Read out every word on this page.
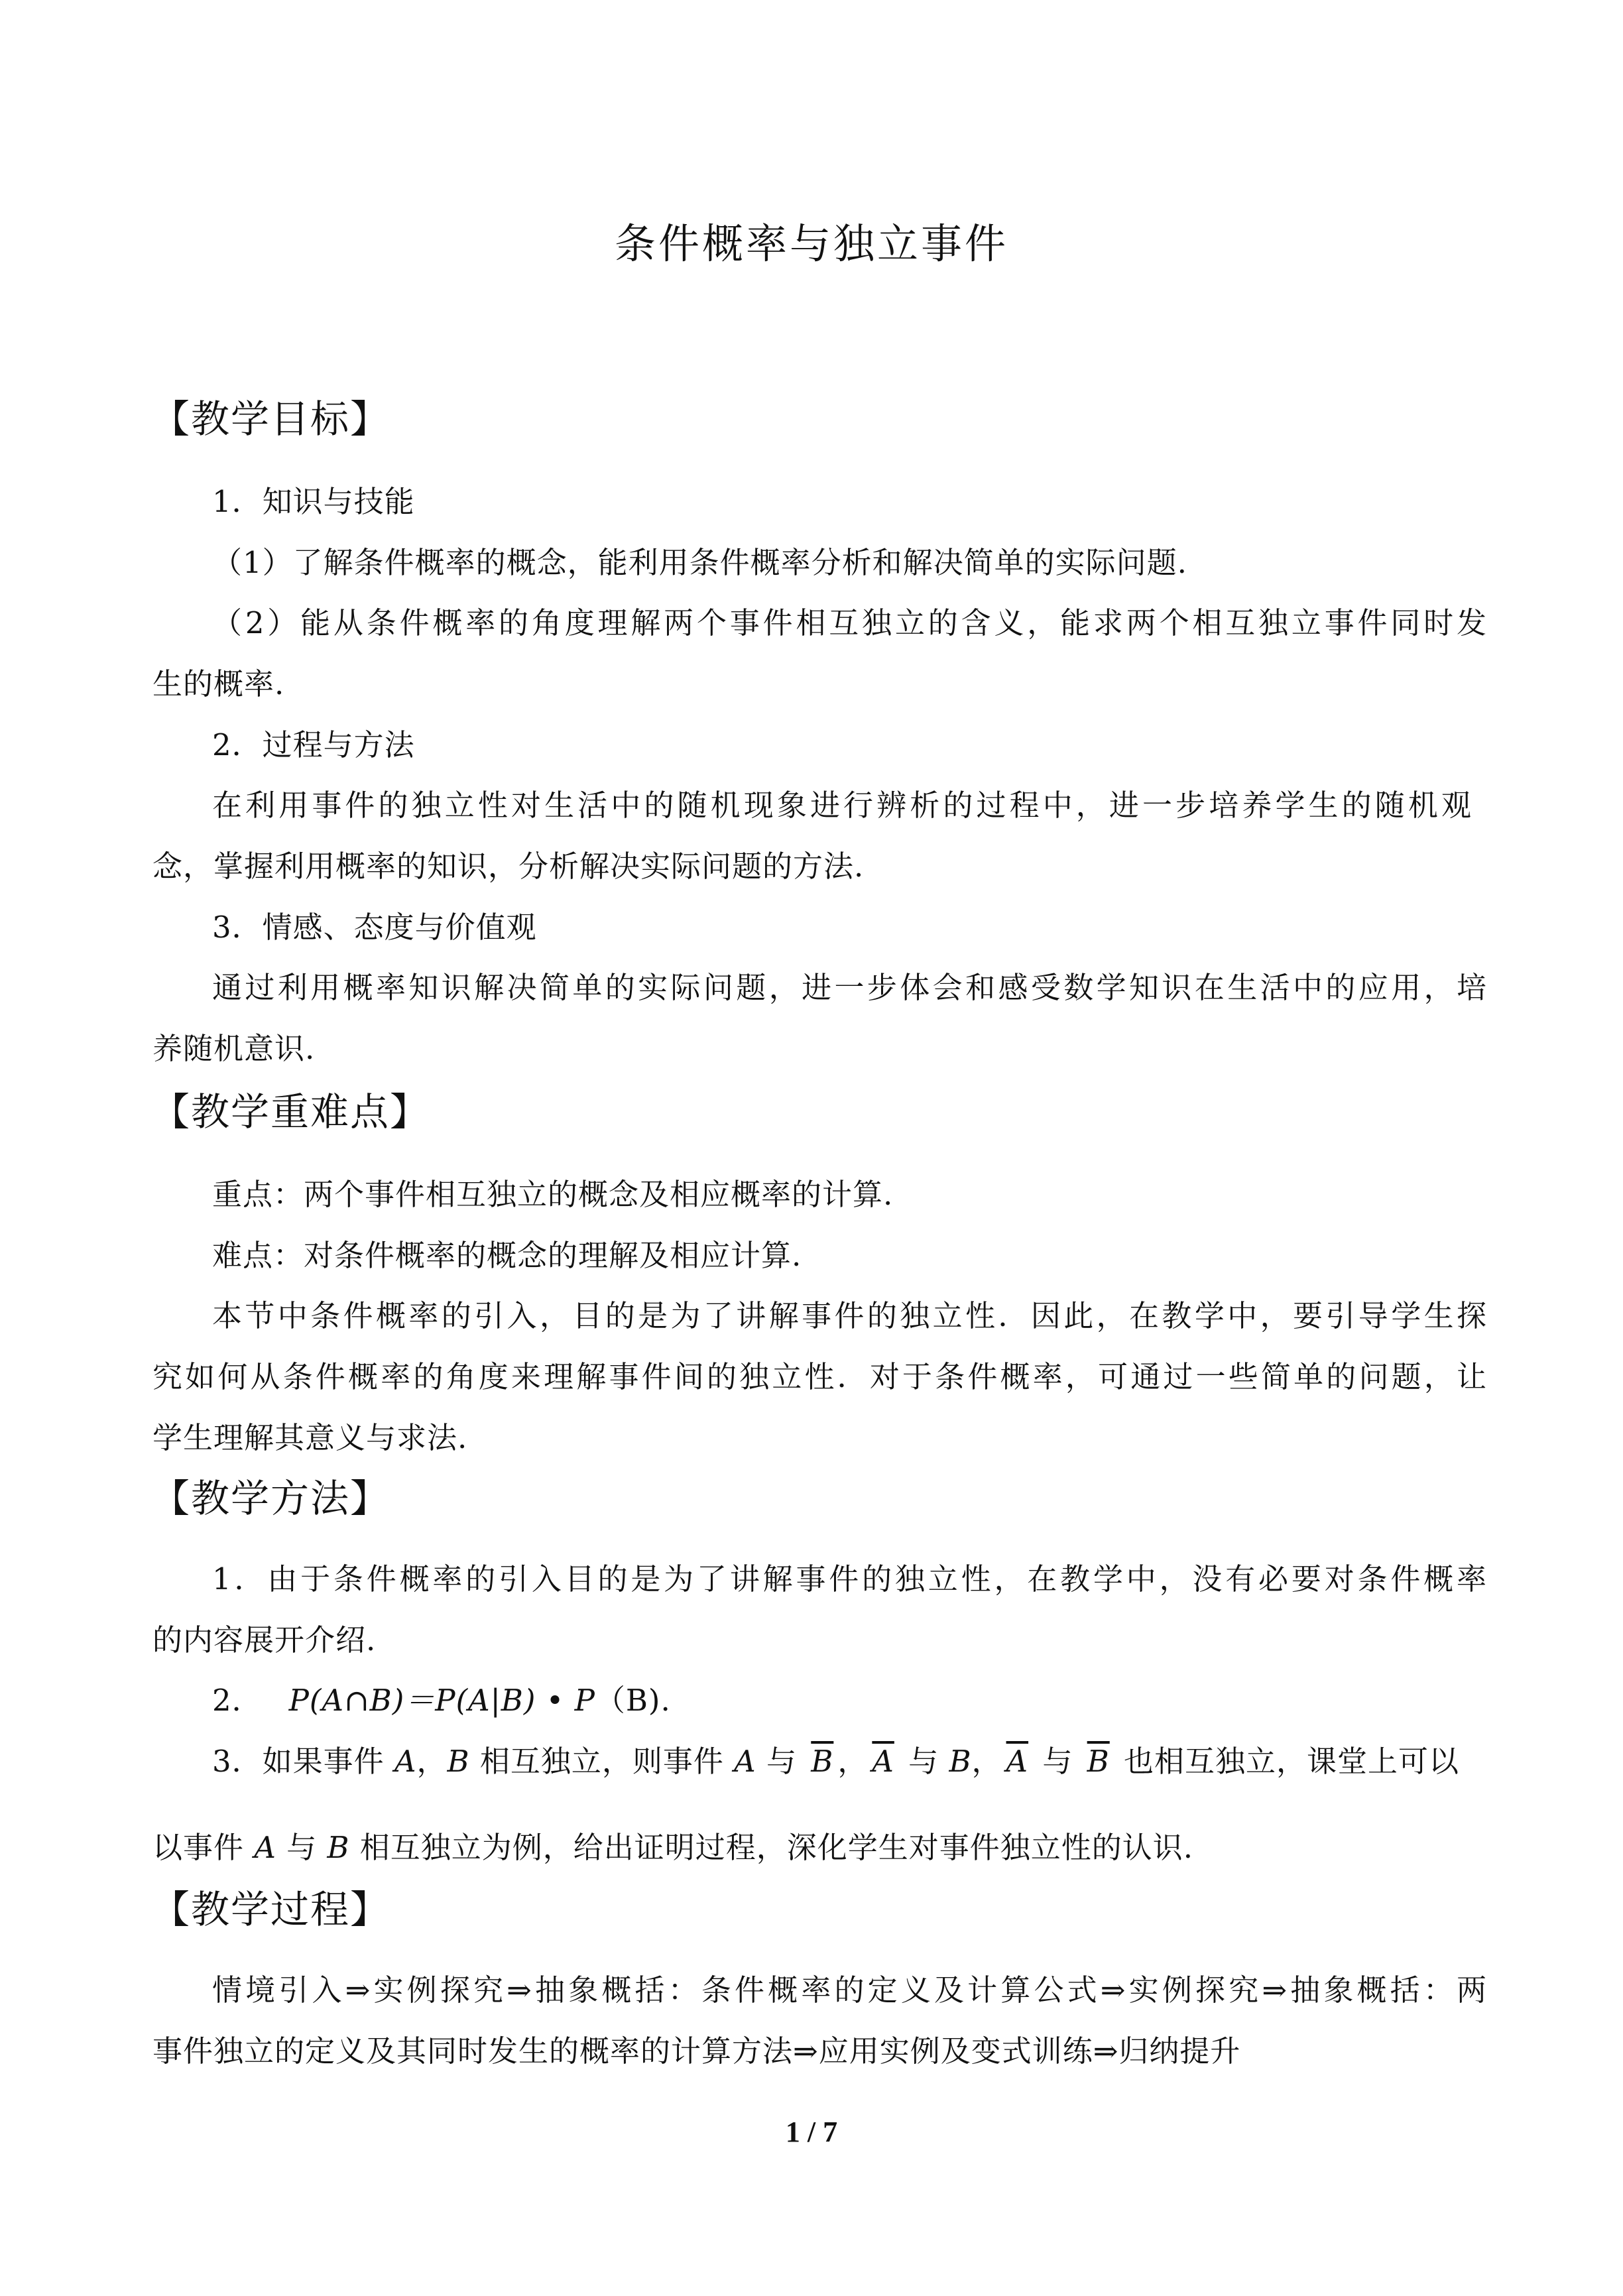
条件概率与独立事件
【教学目标】
1．知识与技能
（1）了解条件概率的概念，能利用条件概率分析和解决简单的实际问题.
（2）能从条件概率的角度理解两个事件相互独立的含义，能求两个相互独立事件同时发
生的概率.
2．过程与方法
在利用事件的独立性对生活中的随机现象进行辨析的过程中，进一步培养学生的随机观
念，掌握利用概率的知识，分析解决实际问题的方法.
3．情感、态度与价值观
通过利用概率知识解决简单的实际问题，进一步体会和感受数学知识在生活中的应用，培
养随机意识.
【教学重难点】
重点：两个事件相互独立的概念及相应概率的计算.
难点：对条件概率的概念的理解及相应计算.
本节中条件概率的引入，目的是为了讲解事件的独立性．因此，在教学中，要引导学生探
究如何从条件概率的角度来理解事件间的独立性．对于条件概率，可通过一些简单的问题，让
学生理解其意义与求法.
【教学方法】
1．由于条件概率的引入目的是为了讲解事件的独立性，在教学中，没有必要对条件概率
的内容展开介绍.
2． P(A∩B)＝P(A|B) • P（B).
3．如果事件 A，B 相互独立，则事件 A 与 $\overline{B}$ ， $\overline{A}$ 与 B， $\overline{A}$ 与 $\overline{B}$ 也相互独立，课堂上可以
以事件 A 与 B 相互独立为例，给出证明过程，深化学生对事件独立性的认识.
【教学过程】
情境引入⇒实例探究⇒抽象概括：条件概率的定义及计算公式⇒实例探究⇒抽象概括：两
事件独立的定义及其同时发生的概率的计算方法⇒应用实例及变式训练⇒归纳提升
1 / 7
